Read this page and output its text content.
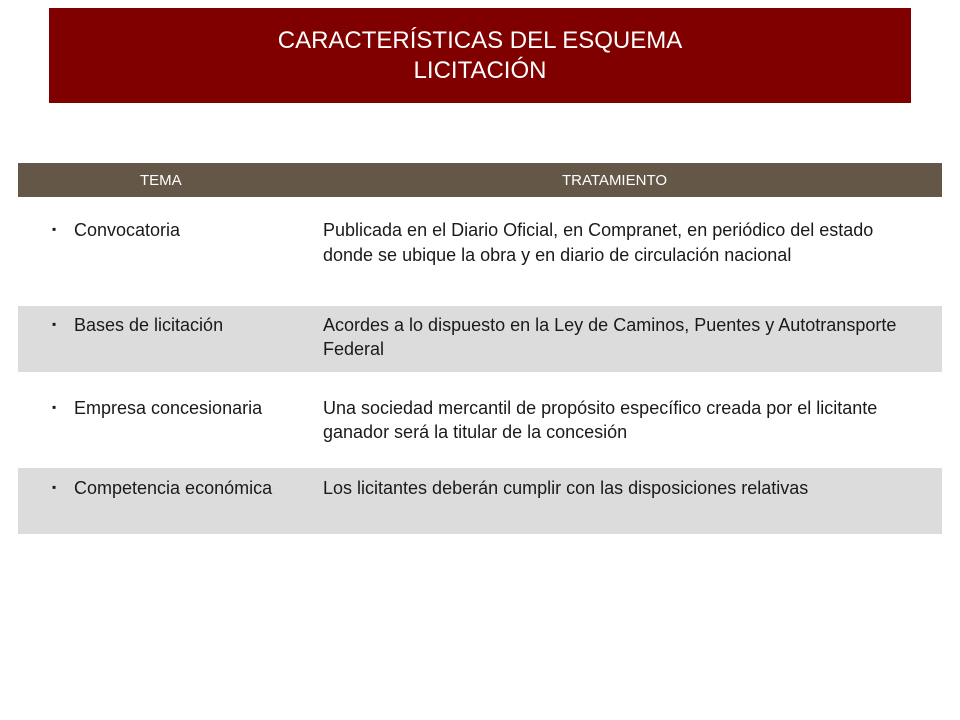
CARACTERÍSTICAS DEL ESQUEMA
LICITACIÓN
TEMA	TRATAMIENTO
▪ Convocatoria	Publicada en el Diario Oficial, en Compranet, en periódico del estado donde se ubique la obra y en diario de circulación nacional
▪ Bases de licitación	Acordes a lo dispuesto en la Ley de Caminos, Puentes y Autotransporte Federal
▪ Empresa concesionaria	Una sociedad mercantil de propósito específico creada por el licitante ganador será la titular de la concesión
▪ Competencia económica	Los licitantes deberán cumplir con las disposiciones relativas
